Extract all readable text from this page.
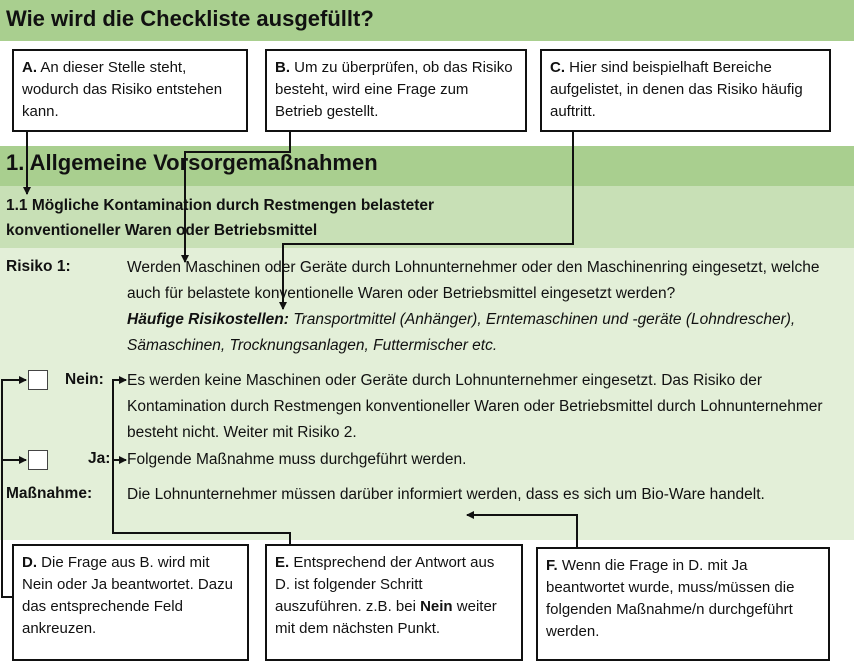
Wie wird die Checkliste ausgefüllt?
A. An dieser Stelle steht, wodurch das Risiko entstehen kann.
B. Um zu überprüfen, ob das Risiko besteht, wird eine Frage zum Betrieb gestellt.
C. Hier sind beispielhaft Bereiche aufgelistet, in denen das Risiko häufig auftritt.
1. Allgemeine Vorsorgemaßnahmen
1.1 Mögliche Kontamination durch Restmengen belasteter konventioneller Waren oder Betriebsmittel
Risiko 1:	Werden Maschinen oder Geräte durch Lohnunternehmer oder den Maschinenring eingesetzt, welche auch für belastete konventionelle Waren oder Betriebsmittel eingesetzt werden?
Häufige Risikostellen: Transportmittel (Anhänger), Erntemaschinen und -geräte (Lohndrescher), Sämaschinen, Trocknungsanlagen, Futtermischer etc.
Nein: Es werden keine Maschinen oder Geräte durch Lohnunternehmer eingesetzt. Das Risiko der Kontamination durch Restmengen konventioneller Waren oder Betriebsmittel durch Lohnunternehmer besteht nicht. Weiter mit Risiko 2.
Ja: Folgende Maßnahme muss durchgeführt werden.
Maßnahme: Die Lohnunternehmer müssen darüber informiert werden, dass es sich um Bio-Ware handelt.
D. Die Frage aus B. wird mit Nein oder Ja beantwortet. Dazu das entsprechende Feld ankreuzen.
E. Entsprechend der Antwort aus D. ist folgender Schritt auszuführen. z.B. bei Nein weiter mit dem nächsten Punkt.
F. Wenn die Frage in D. mit Ja beantwortet wurde, muss/müssen die folgenden Maßnahme/n durchgeführt werden.
